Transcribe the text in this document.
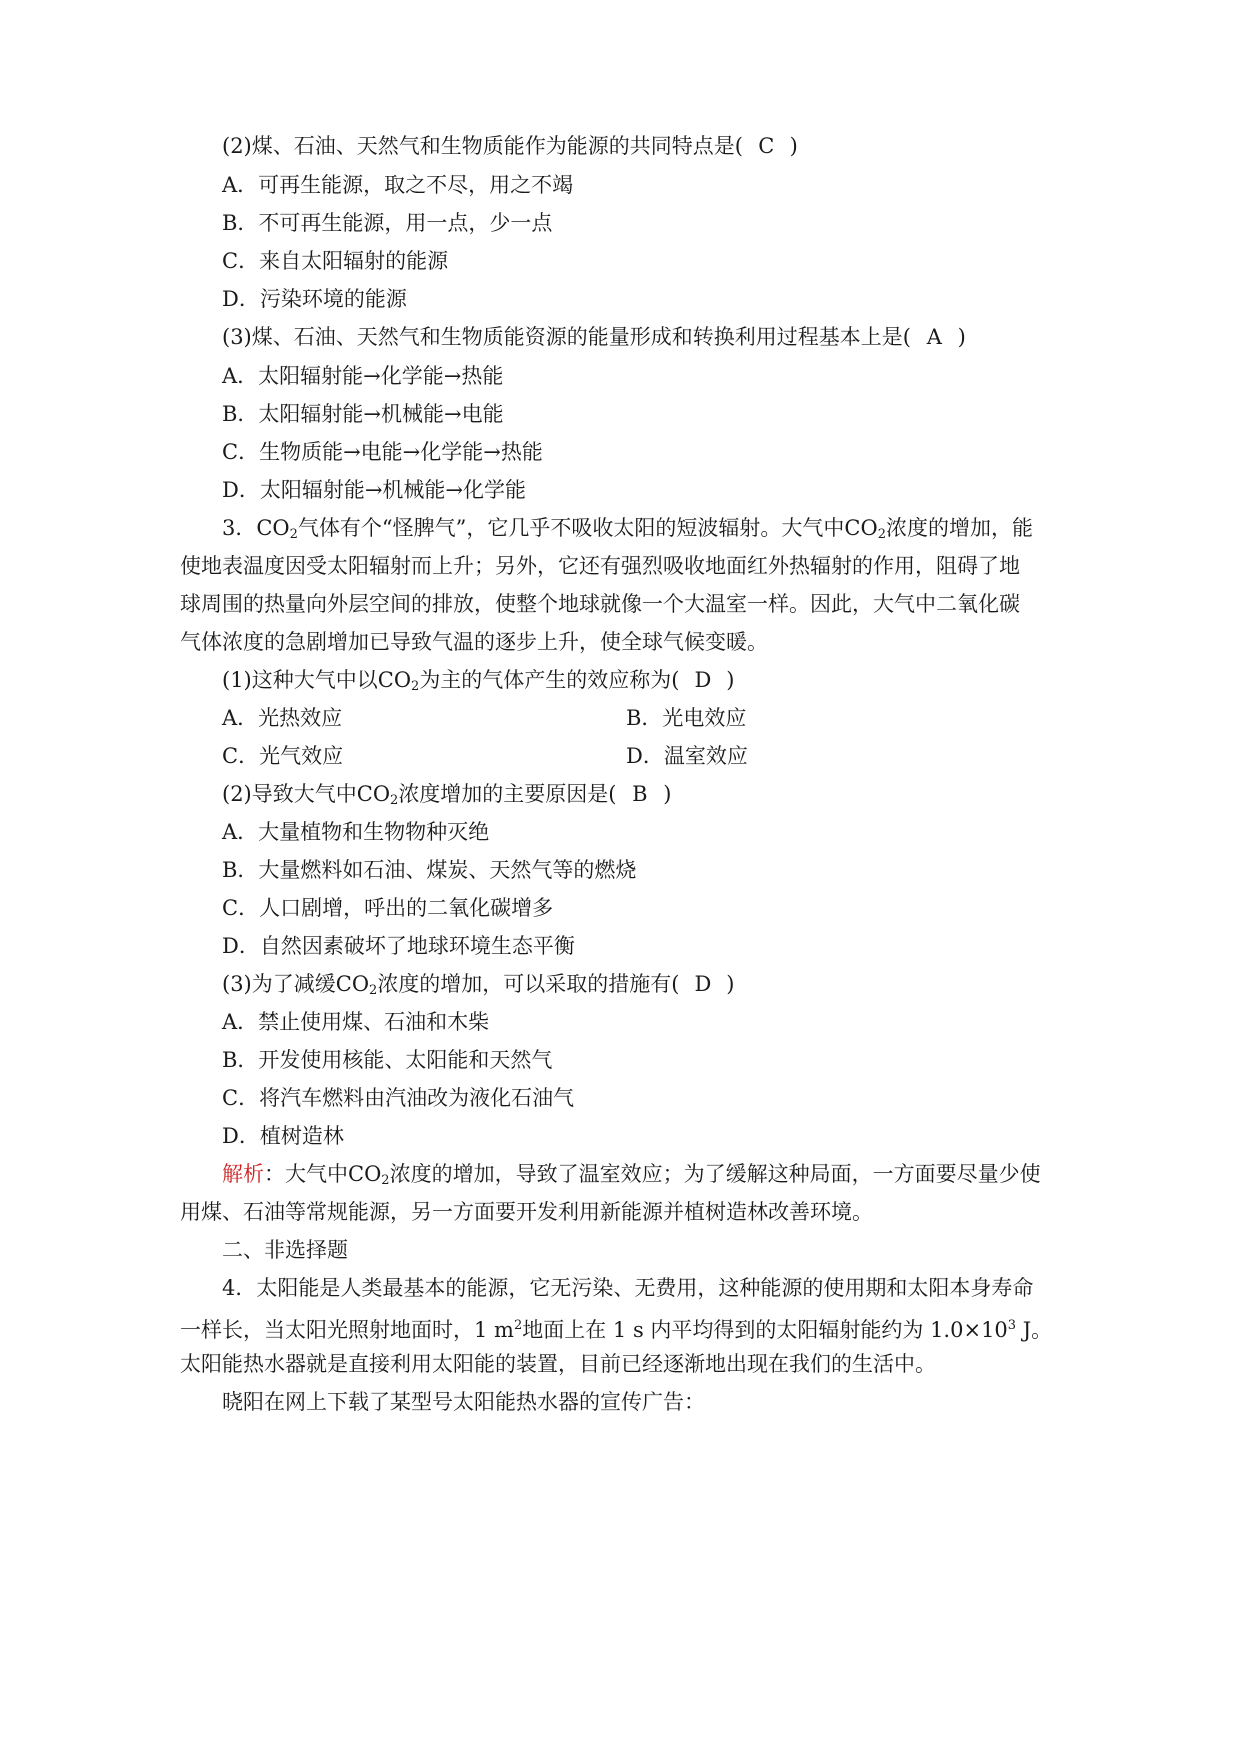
(2)煤、石油、天然气和生物质能作为能源的共同特点是( C )
A．可再生能源，取之不尽，用之不竭
B．不可再生能源，用一点，少一点
C．来自太阳辐射的能源
D．污染环境的能源
(3)煤、石油、天然气和生物质能资源的能量形成和转换利用过程基本上是( A )
A．太阳辐射能→化学能→热能
B．太阳辐射能→机械能→电能
C．生物质能→电能→化学能→热能
D．太阳辐射能→机械能→化学能
3．$CO_2$气体有个“怪脾气”，它几乎不吸收太阳的短波辐射。大气中$CO_2$浓度的增加，能
使地表温度因受太阳辐射而上升；另外，它还有强烈吸收地面红外热辐射的作用，阻碍了地
球周围的热量向外层空间的排放，使整个地球就像一个大温室一样。因此，大气中二氧化碳
气体浓度的急剧增加已导致气温的逐步上升，使全球气候变暖。
(1)这种大气中以$CO_2$为主的气体产生的效应称为( D )
A．光热效应	B．光电效应
C．光气效应	D．温室效应
(2)导致大气中$CO_2$浓度增加的主要原因是( B )
A．大量植物和生物物种灭绝
B．大量燃料如石油、煤炭、天然气等的燃烧
C．人口剧增，呼出的二氧化碳增多
D．自然因素破坏了地球环境生态平衡
(3)为了减缓$CO_2$浓度的增加，可以采取的措施有( D )
A．禁止使用煤、石油和木柴
B．开发使用核能、太阳能和天然气
C．将汽车燃料由汽油改为液化石油气
D．植树造林
解析：大气中$CO_2$浓度的增加，导致了温室效应；为了缓解这种局面，一方面要尽量少使
用煤、石油等常规能源，另一方面要开发利用新能源并植树造林改善环境。
二、非选择题
4．太阳能是人类最基本的能源，它无污染、无费用，这种能源的使用期和太阳本身寿命
一样长，当太阳光照射地面时，1 $m^2$地面上在 1 s 内平均得到的太阳辐射能约为 $1.0\times 10^3$ J。
太阳能热水器就是直接利用太阳能的装置，目前已经逐渐地出现在我们的生活中。
晓阳在网上下载了某型号太阳能热水器的宣传广告：
